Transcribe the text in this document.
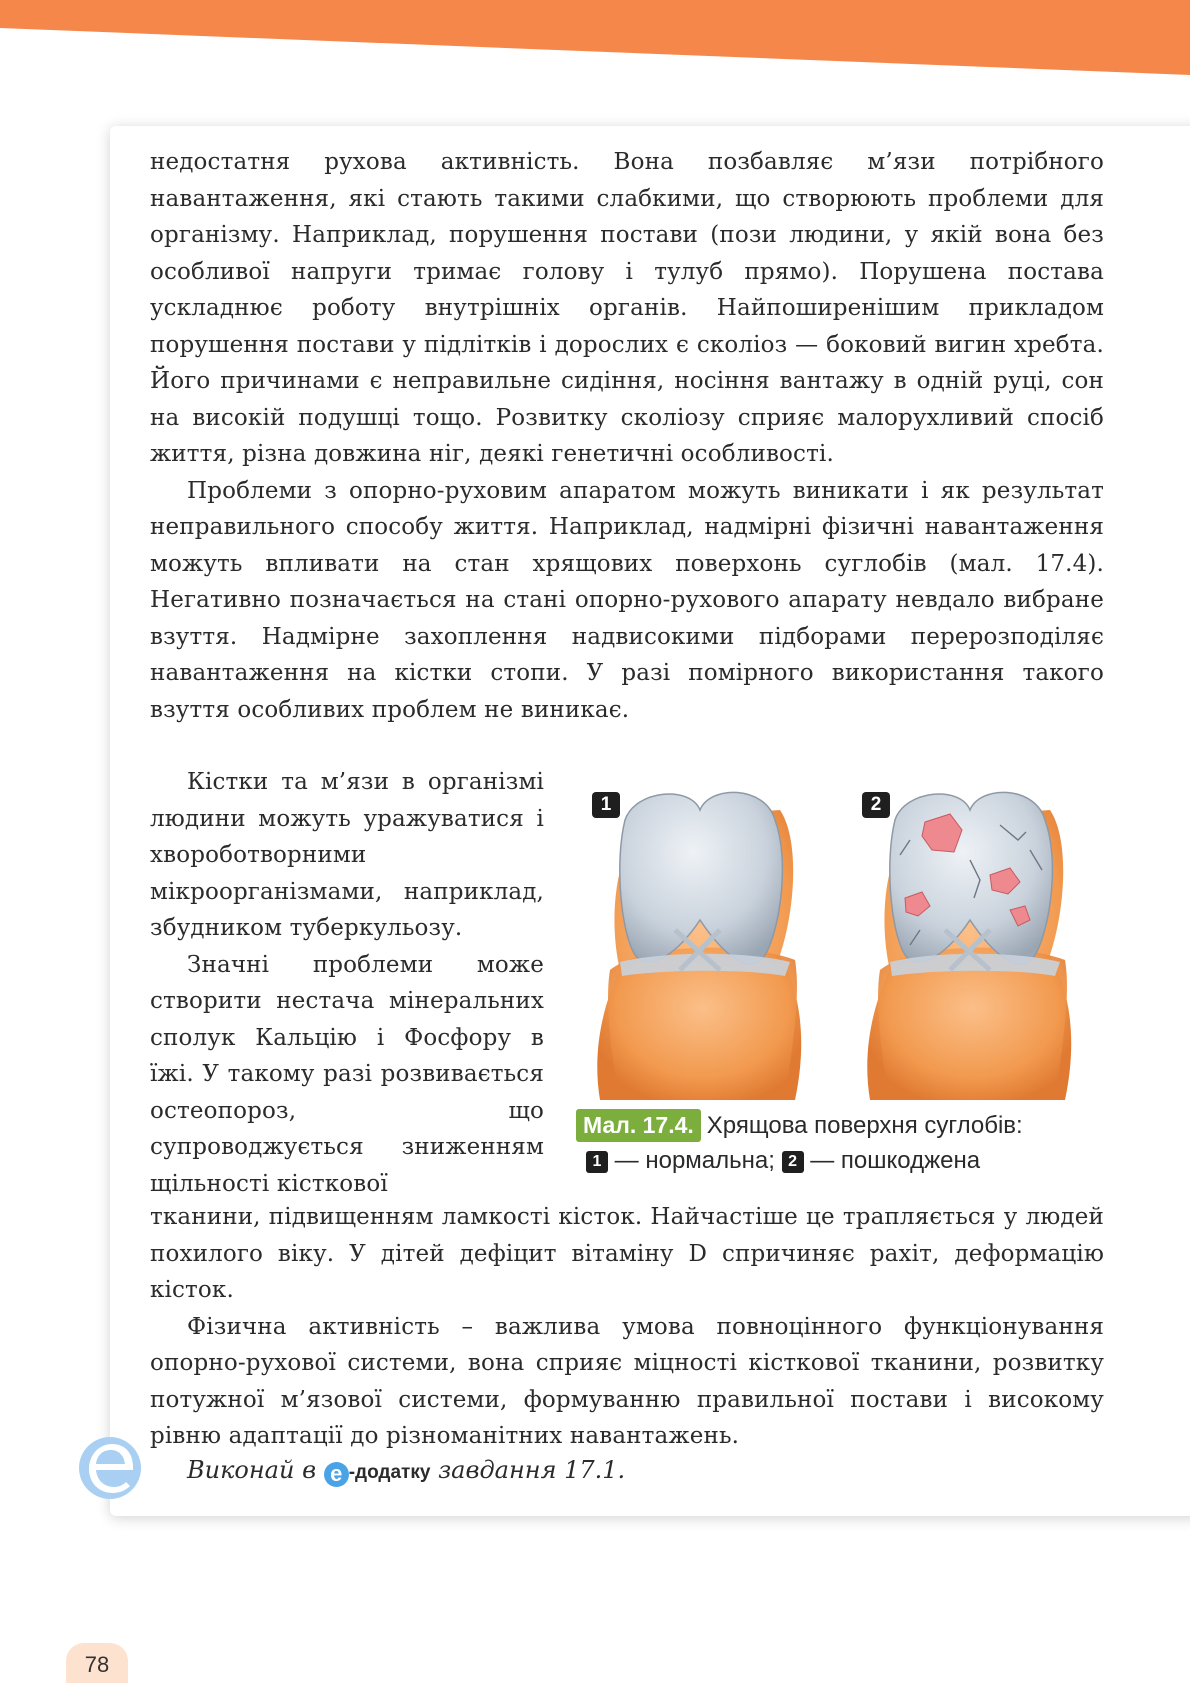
недостатня рухова активність. Вона позбавляє м’язи потрібного навантаження, які стають такими слабкими, що створюють проблеми для організму. Наприклад, порушення постави (пози людини, у якій вона без особливої напруги тримає голову і тулуб прямо). Порушена постава ускладнює роботу внутрішніх органів. Найпоширенішим прикладом порушення постави у підлітків і дорослих є сколіоз — боковий вигин хребта. Його причинами є неправильне сидіння, носіння вантажу в одній руці, сон на високій подушці тощо. Розвитку сколіозу сприяє малорухливий спосіб життя, різна довжина ніг, деякі генетичні особливості.

Проблеми з опорно-руховим апаратом можуть виникати і як результат неправильного способу життя. Наприклад, надмірні фізичні навантаження можуть впливати на стан хрящових поверхонь суглобів (мал. 17.4). Негативно позначається на стані опорно-рухового апарату невдало вибране взуття. Надмірне захоплення надвисокими підборами перерозподіляє навантаження на кістки стопи. У разі помірного використання такого взуття особливих проблем не виникає.

Кістки та м’язи в організмі людини можуть уражуватися і хвороботворними мікроорганізмами, наприклад, збудником туберкульозу.

Значні проблеми може створити нестача мінеральних сполук Кальцію і Фосфору в їжі. У такому разі розвивається остеопороз, що супроводжується зниженням щільності кісткової

1	2
Мал. 17.4. Хрящова поверхня суглобів:
1 — нормальна; 2 — пошкоджена

тканини, підвищенням ламкості кісток. Найчастіше це трапляється у людей похилого віку. У дітей дефіцит вітаміну D спричиняє рахіт, деформацію кісток.

Фізична активність – важлива умова повноцінного функціонування опорно-рухової системи, вона сприяє міцності кісткової тканини, розвитку потужної м’язової системи, формуванню правильної постави і високому рівню адаптації до різноманітних навантажень.

Виконай в e -додатку завдання 17.1.
78
